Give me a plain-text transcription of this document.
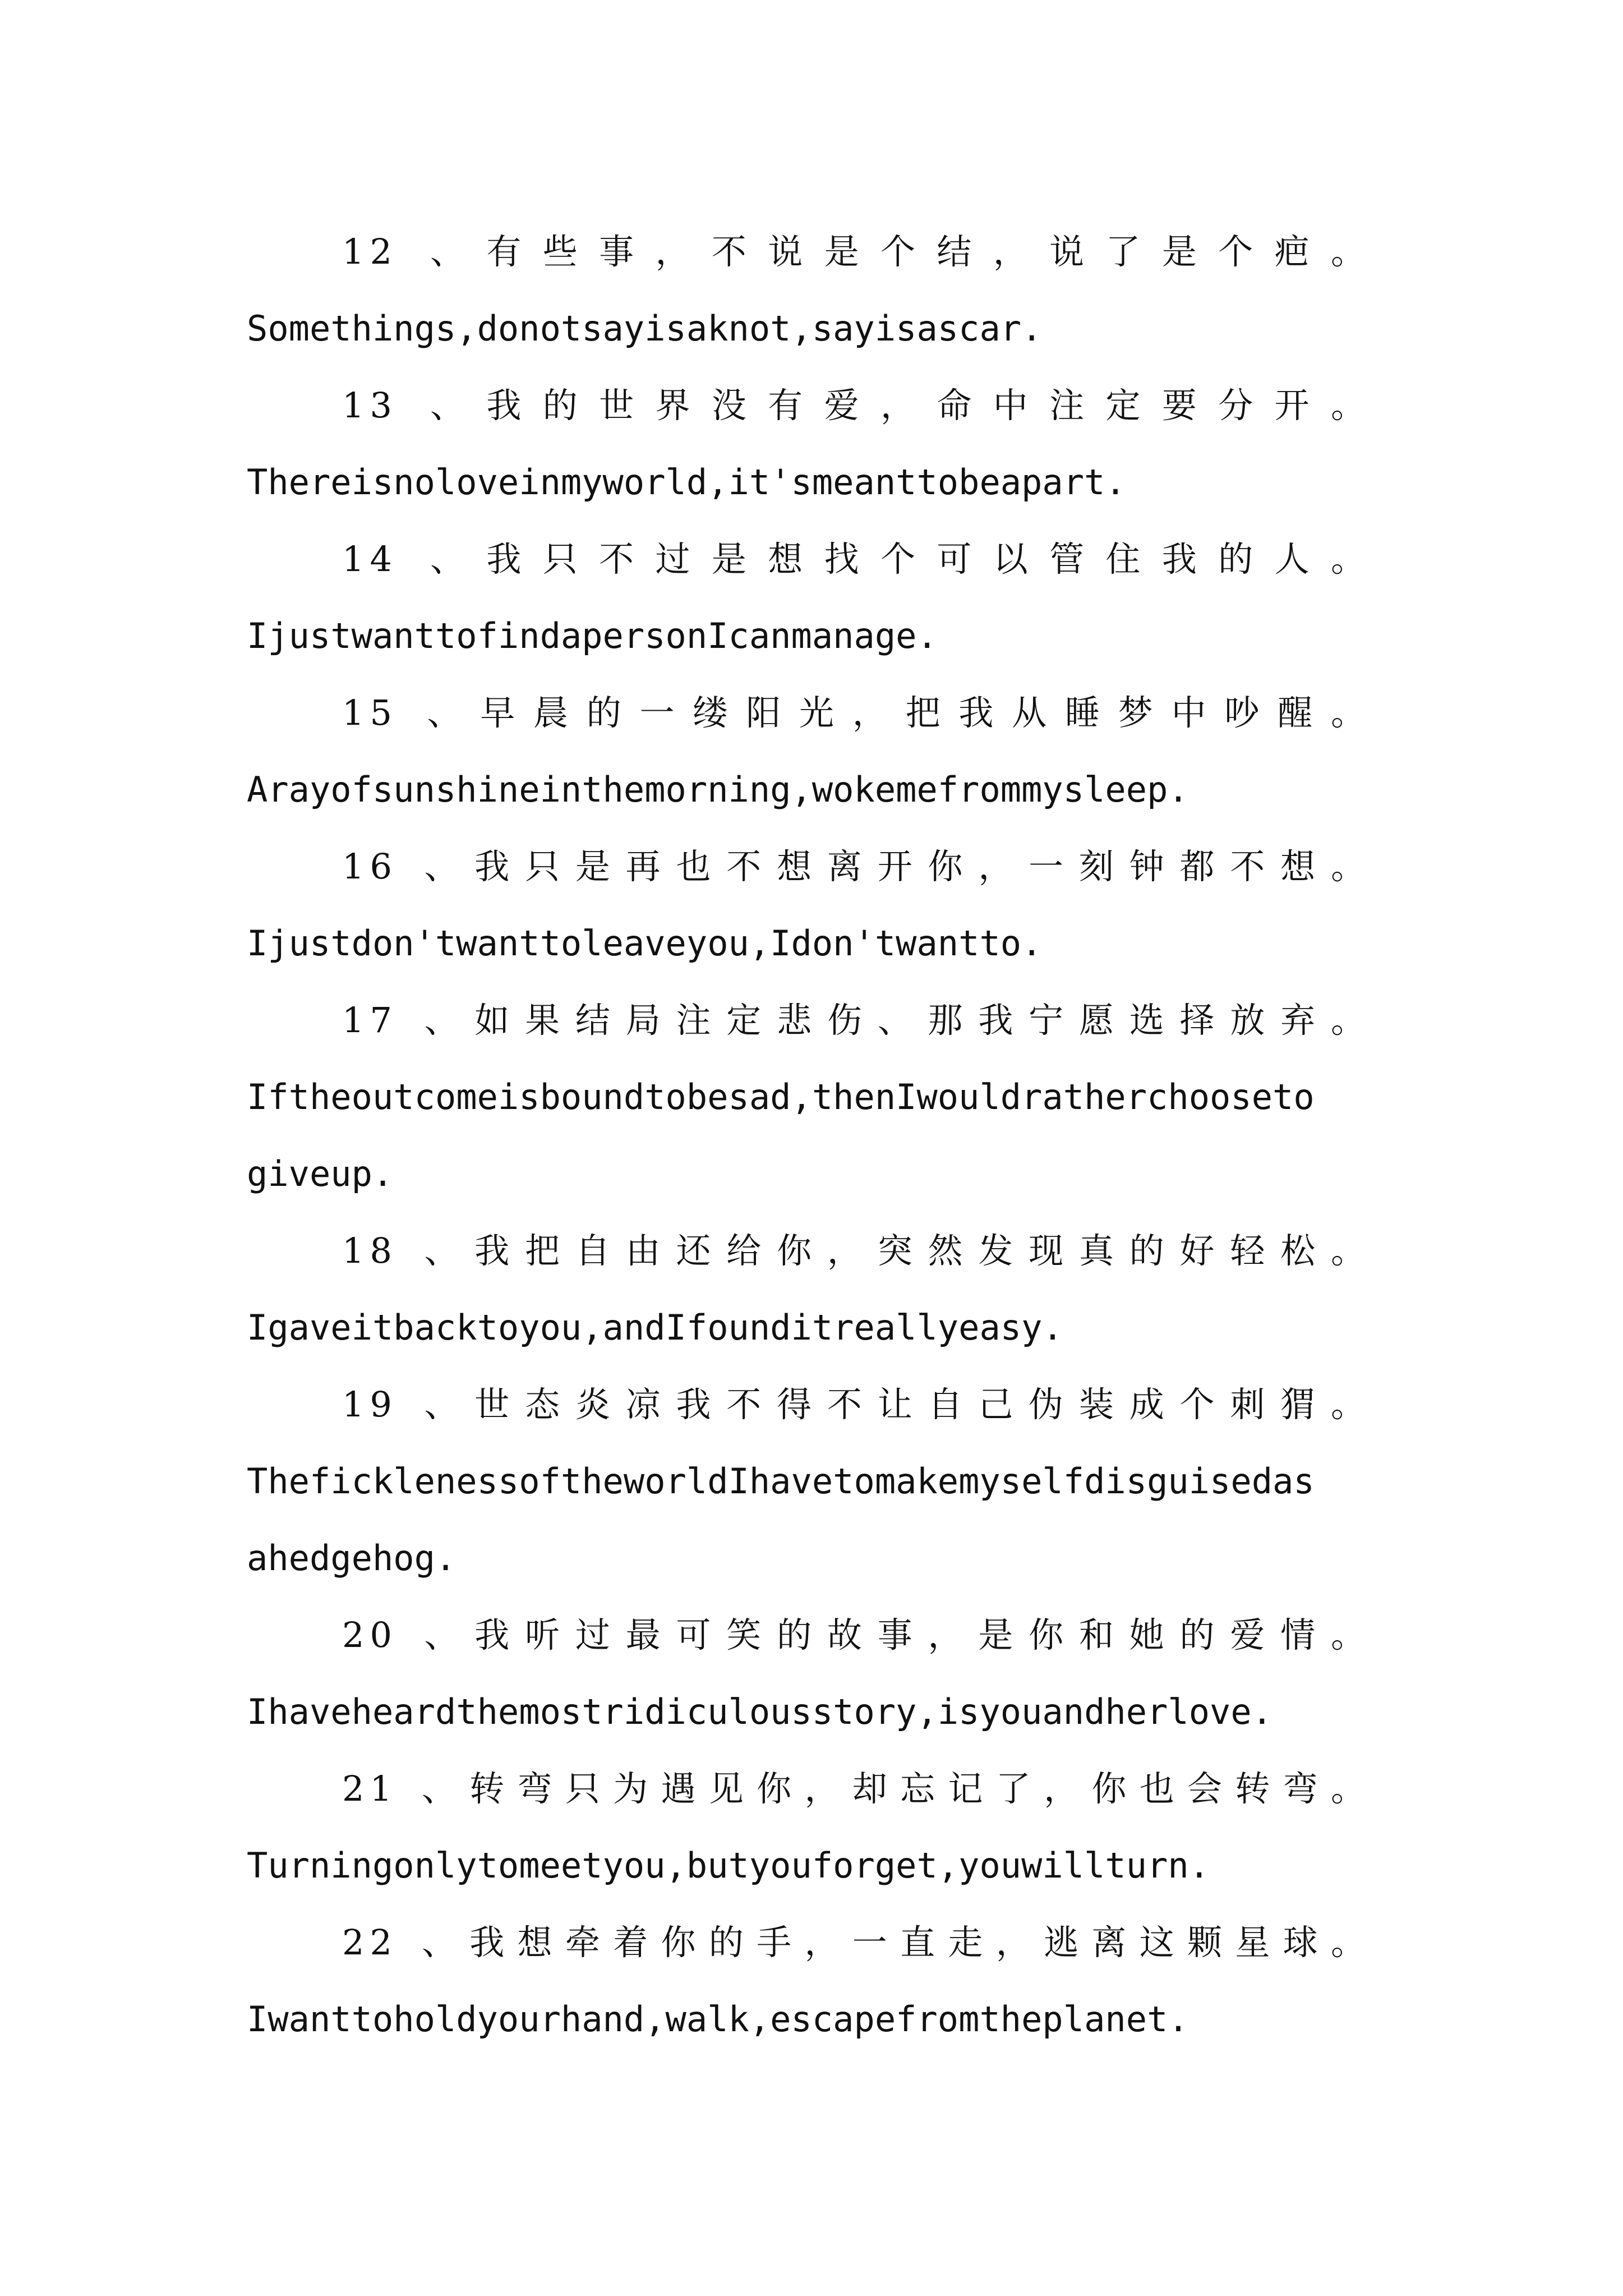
12 、有些事，不说是个结，说了是个疤。

Somethings,donotsayisaknot,sayisascar.

13 、我的世界没有爱，命中注定要分开。

Thereisnoloveinmyworld,it'smeanttobeapart.

14 、我只不过是想找个可以管住我的人。

IjustwanttofindapersonIcanmanage.

15 、早晨的一缕阳光，把我从睡梦中吵醒。

Arayofsunshineinthemorning,wokemefrommysleep.

16 、我只是再也不想离开你，一刻钟都不想。

Ijustdon'twanttoleaveyou,Idon'twantto.

17 、如果结局注定悲伤、那我宁愿选择放弃。

Iftheoutcomeisboundtobesad,thenIwouldratherchooseto

giveup.

18 、我把自由还给你，突然发现真的好轻松。

Igaveitbacktoyou,andIfounditreallyeasy.

19 、世态炎凉我不得不让自己伪装成个刺猬。

TheficklenessoftheworldIhavetomakemyselfdisguisedas

ahedgehog.

20 、我听过最可笑的故事，是你和她的爱情。

Ihaveheardthemostridiculousstory,isyouandherlove.

21 、转弯只为遇见你，却忘记了，你也会转弯。

Turningonlytomeetyou,butyouforget,youwillturn.

22 、我想牵着你的手，一直走，逃离这颗星球。

Iwanttoholdyourhand,walk,escapefromtheplanet.
